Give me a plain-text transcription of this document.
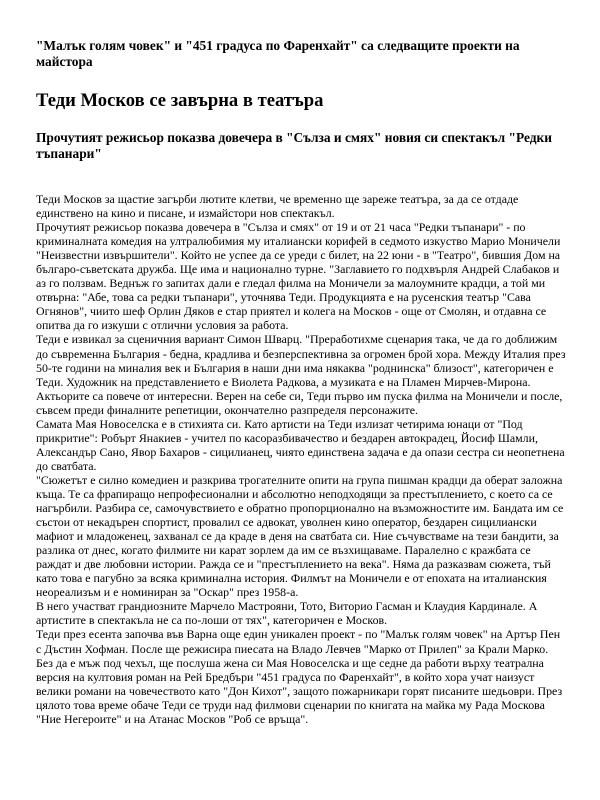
"Малък голям човек" и "451 градуса по Фаренхайт" са следващите проекти на майстора

Теди Москов се завърна в театъра
Прочутият режисьор показва довечера в "Сълза и смях" новия си спектакъл "Редки тъпанари"

Теди Москов за щастие загърби лютите клетви, че временно ще зареже театъра, за да се отдаде единствено на кино и писане, и измайстори нов спектакъл.

Прочутият режисьор показва довечера в "Сълза и смях" от 19 и от 21 часа "Редки тъпанари" - по криминалната комедия на ултралюбимия му италиански корифей в седмото изкуство Марио Моничели "Неизвестни извършители". Който не успее да се уреди с билет, на 22 юни - в "Театро", бившия Дом на българо-съветската дружба. Ще има и национално турне. "Заглавието го подхвърля Андрей Слабаков и аз го ползвам. Веднъж го запитах дали е гледал филма на Моничели за малоумните крадци, а той ми отвърна: "Абе, това са редки тъпанари", уточнява Теди. Продукцията е на русенския театър "Сава Огнянов", чиито шеф Орлин Дяков е стар приятел и колега на Москов - още от Смолян, и отдавна се опитва да го изкуши с отлични условия за работа.

Теди е извикал за сценичния вариант Симон Шварц. "Преработихме сценария така, че да го доближим до съвременна България - бедна, крадлива и безперспективна за огромен брой хора. Между Италия през 50-те години на миналия век и България в наши дни има някаква "роднинска" близост", категоричен е Теди. Художник на представлението е Виолета Радкова, а музиката е на Пламен Мирчев-Мирона. Актьорите са повече от интересни. Верен на себе си, Теди първо им пуска филма на Моничели и после, съвсем преди финалните репетиции, окончателно разпределя персонажите.

Самата Мая Новоселска е в стихията си. Като артисти на Теди излизат четирима юнаци от "Под прикритие": Робърт Янакиев - учител по касоразбивачество и бездарен автокрадец, Йосиф Шамли, Александър Сано, Явор Бахаров - сицилианец, чиято единствена задача е да опази сестра си неопетнена до сватбата.

"Сюжетът е силно комедиен и разкрива трогателните опити на група пишман крадци да оберат заложна къща. Те са фрапиращо непрофесионални и абсолютно неподходящи за престъплението, с което са се нагърбили. Разбира се, самочувствието е обратно пропорционално на възможностите им. Бандата им се състои от некадърен спортист, провалил се адвокат, уволнен кино оператор, бездарен сицилиански мафиот и младоженец, захванал се да краде в деня на сватбата си. Ние съчувстваме на тези бандити, за разлика от днес, когато филмите ни карат зорлем да им се възхищаваме. Паралелно с кражбата се раждат и две любовни истории. Ражда се и "престъплението на века". Няма да разказвам сюжета, тъй като това е пагубно за всяка криминална история. Филмът на Моничели е от епохата на италианския неореализъм и е номиниран за "Оскар" през 1958-а.

В него участват грандиозните Марчело Мастрояни, Тото, Виторио Гасман и Клаудия Кардинале. А артистите в спектакъла не са по-лоши от тях", категоричен е Москов.

Теди през есента започва във Варна още един уникален проект - по "Малък голям човек" на Артър Пен с Дъстин Хофман. После ще режисира пиесата на Владо Левчев "Марко от Прилеп" за Крали Марко.

Без да е мъж под чехъл, ще послуша жена си Мая Новоселска и ще седне да работи върху театрална версия на култовия роман на Рей Бредбъри "451 градуса по Фаренхайт", в който хора учат наизуст велики романи на човечеството като "Дон Кихот", защото пожарникари горят писаните шедьоври. През цялото това време обаче Теди се труди над филмови сценарии по книгата на майка му Рада Москова "Ние Негероите" и на Атанас Москов "Роб се връща".
